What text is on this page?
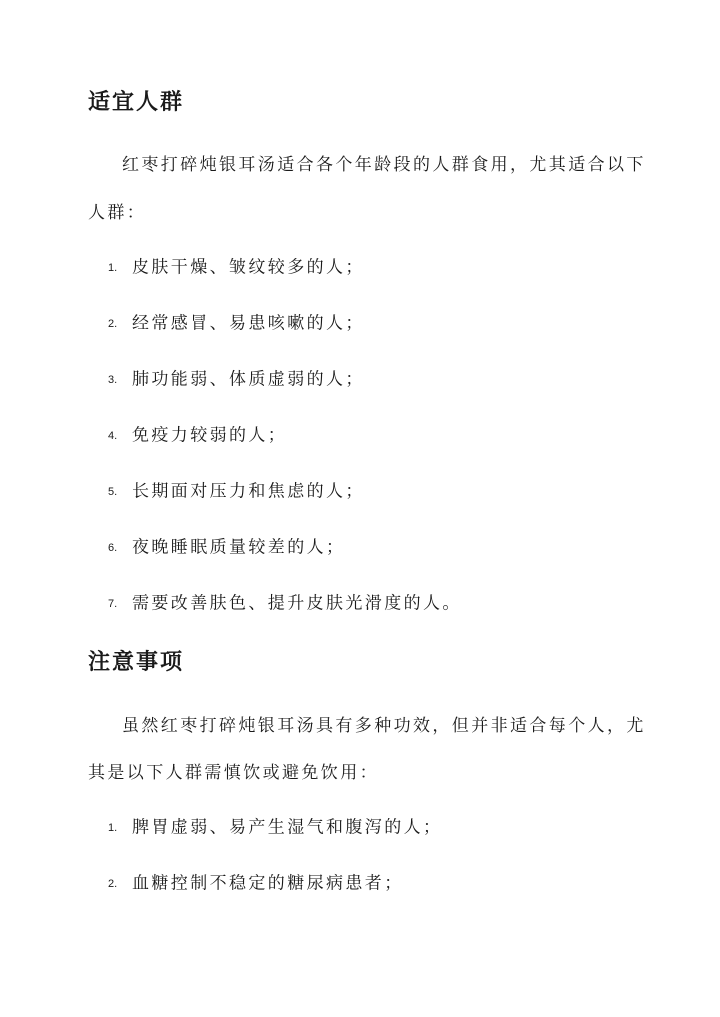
适宜人群
红枣打碎炖银耳汤适合各个年龄段的人群食用，尤其适合以下
人群：
1. 皮肤干燥、皱纹较多的人；
2. 经常感冒、易患咳嗽的人；
3. 肺功能弱、体质虚弱的人；
4. 免疫力较弱的人；
5. 长期面对压力和焦虑的人；
6. 夜晚睡眠质量较差的人；
7. 需要改善肤色、提升皮肤光滑度的人。
注意事项
虽然红枣打碎炖银耳汤具有多种功效，但并非适合每个人，尤
其是以下人群需慎饮或避免饮用：
1. 脾胃虚弱、易产生湿气和腹泻的人；
2. 血糖控制不稳定的糖尿病患者；
